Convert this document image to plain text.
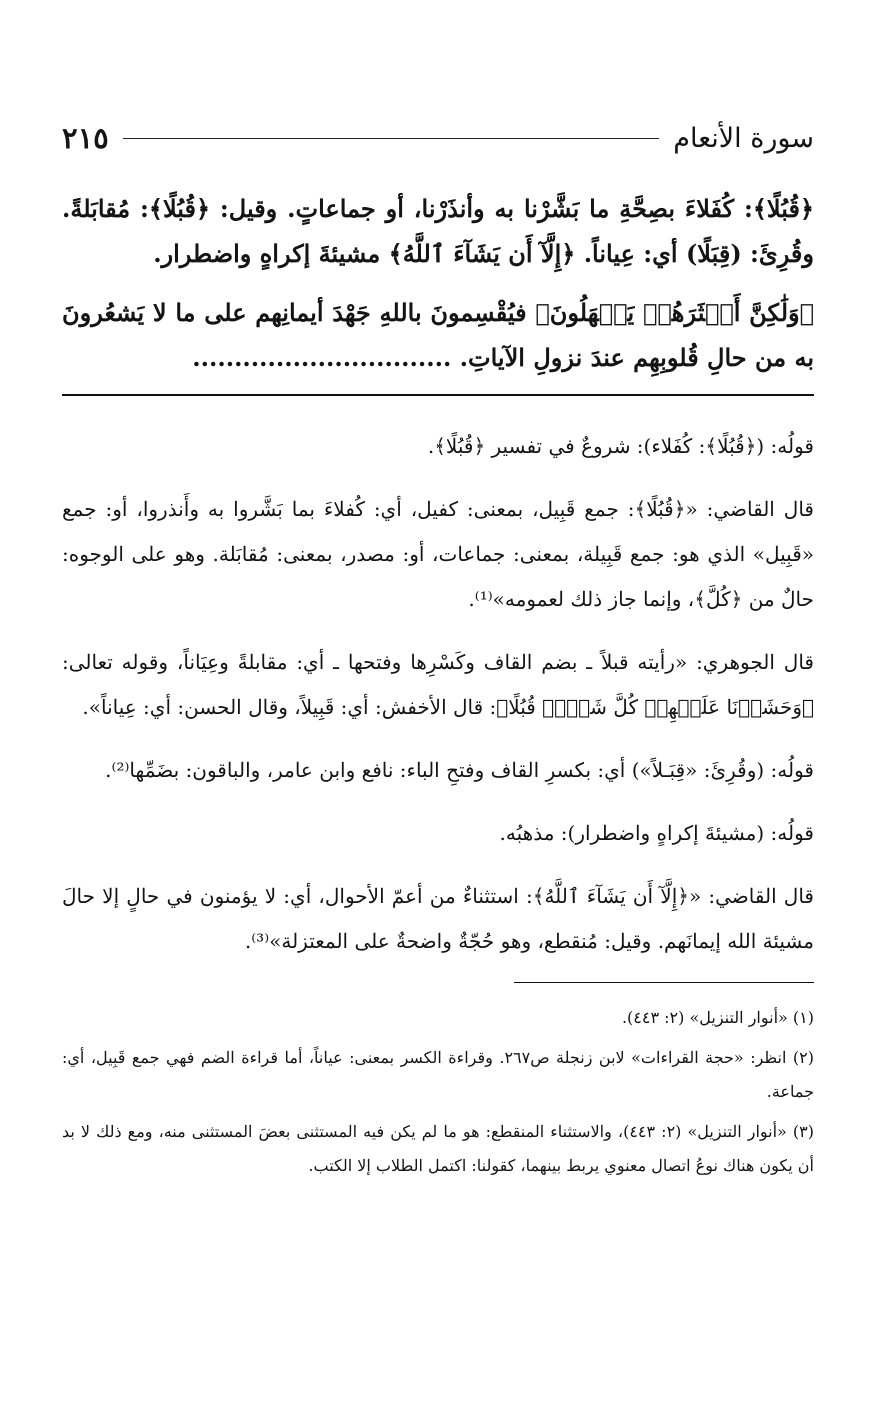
سورة الأنعام
٢١٥

﴿قُبُلًا﴾: كُفَلاءَ بصِحَّةِ ما بَشَّرْنا به وأنذَرْنا، أو جماعاتٍ. وقيل: ﴿قُبُلًا﴾: مُقابَلةً. وقُرِئَ: (قِبَلًا) أي: عِياناً. ﴿إِلَّآ أَن يَشَآءَ ٱللَّهُ﴾ مشيئةَ إكراهٍ واضطرار.

﴿وَلَٰكِنَّ أَكۡثَرَهُمۡ يَجۡهَلُونَ﴾ فيُقْسِمونَ باللهِ جَهْدَ أيمانِهم على ما لا يَشعُرونَ به من حالِ قُلوبِهِم عندَ نزولِ الآياتِ. ...............................

قولُه: (﴿قُبُلًا﴾: كُفَلاء): شروعٌ في تفسير ﴿قُبُلًا﴾.

قال القاضي: «﴿قُبُلًا﴾: جمع قَبِيل، بمعنى: كفيل، أي: كُفلاءَ بما بَشَّروا به وأَنذروا، أو: جمع «قَبِيل» الذي هو: جمع قَبِيلة، بمعنى: جماعات، أو: مصدر، بمعنى: مُقابَلة. وهو على الوجوه: حالٌ من ﴿كُلَّ﴾، وإنما جاز ذلك لعمومه»⁽¹⁾.

قال الجوهري: «رأيته قبلاً ـ بضم القاف وكَسْرِها وفتحها ـ أي: مقابلةً وعِيَاناً، وقوله تعالى: ﴿وَحَشَرۡنَا عَلَيۡهِمۡ كُلَّ شَيۡءٖ قُبُلًا﴾: قال الأخفش: أي: قَبِيلاً، وقال الحسن: أي: عِياناً».

قولُه: (وقُرِئَ: «قِبَـلاً») أي: بكسرِ القاف وفتحِ الباء: نافع وابن عامر، والباقون: بضَمِّها⁽²⁾.

قولُه: (مشيئةَ إكراهٍ واضطرار): مذهبُه.

قال القاضي: «﴿إِلَّآ أَن يَشَآءَ ٱللَّهُ﴾: استثناءٌ من أعمّ الأحوال، أي: لا يؤمنون في حالٍ إلا حالَ مشيئة الله إيمانَهم. وقيل: مُنقطع، وهو حُجّةٌ واضحةٌ على المعتزلة»⁽³⁾.

(١) «أنوار التنزيل» (٢: ٤٤٣).

(٢) انظر: «حجة القراءات» لابن زنجلة ص٢٦٧. وقراءة الكسر بمعنى: عياناً، أما قراءة الضم فهي جمع قَبِيل، أي: جماعة.

(٣) «أنوار التنزيل» (٢: ٤٤٣)، والاستثناء المنقطع: هو ما لم يكن فيه المستثنى بعضَ المستثنى منه، ومع ذلك لا بد أن يكون هناك نوعُ اتصال معنوي يربط بينهما، كقولنا: اكتمل الطلاب إلا الكتب.
